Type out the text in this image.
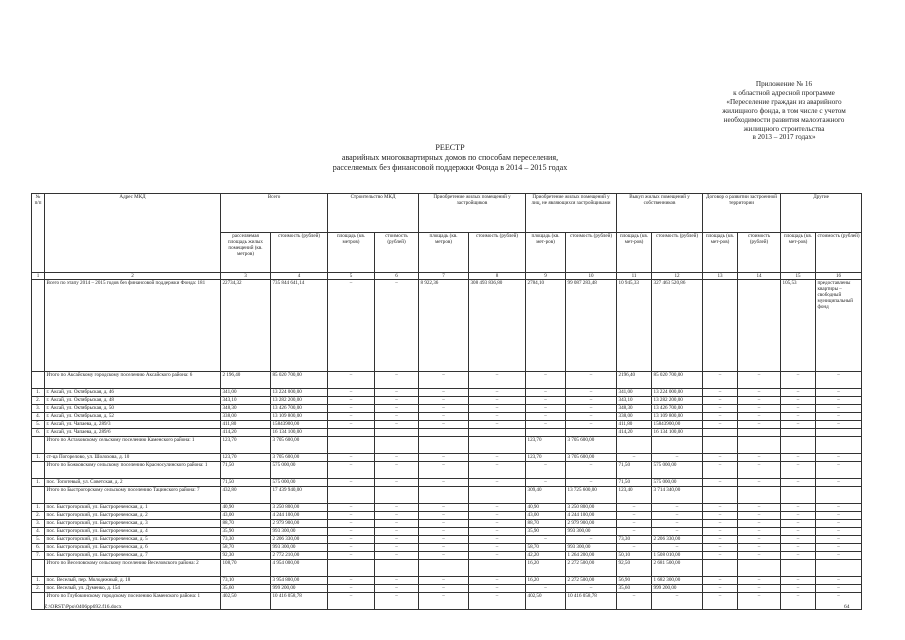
Приложение № 16
к областной адресной программе
«Переселение граждан из аварийного
жилищного фонда, в том числе с учетом
необходимости развития малоэтажного
жилищного строительства
в 2013 – 2017 годах»
РЕЕСТР
аварийных многоквартирных домов по способам переселения,
расселяемых без финансовой поддержки Фонда в 2014 – 2015 годах
№ п/п	Адрес МКД	Всего		Строительство МКД		Приобретение жилых помещений у застройщиков		Приобретение жилых помещений у лиц, не являющихся застройщиками		Выкуп жилых помещений у собственников		Договор о развитии застроенной территории		Другие	
		расселяемая площадь жилых помещений (кв. метров)	стоимость (рублей)	площадь (кв. метров)	стоимость (рублей)	площадь (кв. метров)	стоимость (рублей)	площадь (кв. мет-ров)	стоимость (рублей)	площадь (кв. мет-ров)	стоимость (рублей)	площадь (кв. мет-ров)	стоимость (рублей)	площадь (кв. мет-ров)	стоимость (рублей)
1	2	3	4	5	6	7	8	9	10	11	12	13	14	15	16
	Всего по этапу 2014 – 2015 годов без финансовой поддержки Фонда: 181	22734,32	735 844 641,14	–	–	8 922,36	308 493 836,80	2784,10	99 087 283,48	10 945,33	327 463 520,86			105,53	предоставлены квартиры – свободный муниципальный фонд
	Итого по Аксайскому городскому поселению Аксайского района: 6	2 196,40	85 020 700,00	–	–	–	–	–	–	2196,40	85 020 700,00	–	–	–	–
1.	г. Аксай, ул. Октябрьская, д. 46	341,00	13 224 000,00	–	–	–	–	–	–	341,00	13 224 000,00	–	–	–	–
2.	г. Аксай, ул. Октябрьская, д. 48	343,10	13 282 200,00	–	–	–	–	–	–	343,10	13 282 200,00	–	–	–	–
3.	г. Аксай, ул. Октябрьская, д. 50	348,30	13 426 700,00	–	–	–	–	–	–	348,30	13 426 700,00	–	–	–	–
4.	г. Аксай, ул. Октябрьская, д. 52	338,00	13 109 800,00	–	–	–	–	–	–	338,00	13 109 800,00	–	–	–	–
5.	г. Аксай, ул. Чапаева, д. 289/3	411,80	15843900,00	–	–	–	–	–	–	411,80	15843900,00	–	–	–	–
6.	г. Аксай, ул. Чапаева, д. 289/6	414,20	16 134 100,00							414,20	16 134 100,00				
	Итого по Астаховскому сельскому поселению Каменского района: 1	123,70	3 705 600,00					123,70	3 705 600,00						
1.	ст-ца Погорелово, ул. Шолохова, д. 10	123,70	3 705 600,00	–	–	–	–	123,70	3 705 600,00	–	–	–	–	–	–
	Итого по Божковскому сельскому поселению Красносулинского района: 1	71,50	575 000,00	–	–	–	–	–	–	71,50	575 000,00	–	–	–	–
1.	пос. Топотевый, ул. Советская, д. 2	71,50	575 000,00	–	–	–	–	–	–	71,50	575 000,00	–	–	–	–
	Итого по Быстрогорскому сельскому поселению Тацинского района: 7	432,80	17 439 940,00					309,40	13 725 600,00	123,40	3 714 340,00				
1.	пос. Быстрогорский, ул. Быстрореченская, д. 1	40,90	3 250 800,00	–	–	–	–	40,90	3 250 800,00	–	–	–	–	–	–
2.	пос. Быстрогорский, ул. Быстрореченская, д. 2	43,00	4 244 100,00	–	–	–	–	43,00	4 244 100,00	–	–	–	–	–	–
3.	пос. Быстрогорский, ул. Быстрореченская, д. 3	88,70	2 979 900,00	–	–	–	–	88,70	2 979 900,00	–	–	–	–	–	–
4.	пос. Быстрогорский, ул. Быстрореченская, д. 4	35,90	993 300,00	–	–	–	–	35,90	993 300,00	–	–	–	–	–	–
5.	пос. Быстрогорский, ул. Быстрореченская, д. 5	73,30	2 206 330,00	–	–	–	–	–	–	73,30	2 206 330,00	–	–	–	–
6.	пос. Быстрогорский, ул. Быстрореченская, д. 6	58,70	993 300,00	–	–	–	–	58,70	993 300,00	–	–	–	–	–	–
7.	пос. Быстрогорский, ул. Быстрореченская, д. 7	92,30	2 772 210,00	–	–	–	–	42,20	1 264 200,00	50,10	1 508 010,00	–	–	–	–
	Итого по Веселовскому сельскому поселению Веселовского района: 2	108,70	4 954 000,00					16,20	2 272 500,00	92,50	2 681 500,00				
1.	пос. Веселый, пер. Молодежный, д. 18	73,10	3 954 800,00	–	–	–	–	16,20	2 272 500,00	56,90	1 682 300,00	–	–	–	–
2.	пос. Веселый, ул. Думенко, д. 154	35,60	999 200,00	–	–	–	–	–	–	35,60	999 200,00	–	–	–	–
	Итого по Глубокинскому городскому поселению Каменского района: 1	402,50	10 416 058,78	–	–	–	–	402,50	10 416 058,78	–	–	–	–	–	–
Z:\ORST\Ppo\0406pp692.f16.docx	64
